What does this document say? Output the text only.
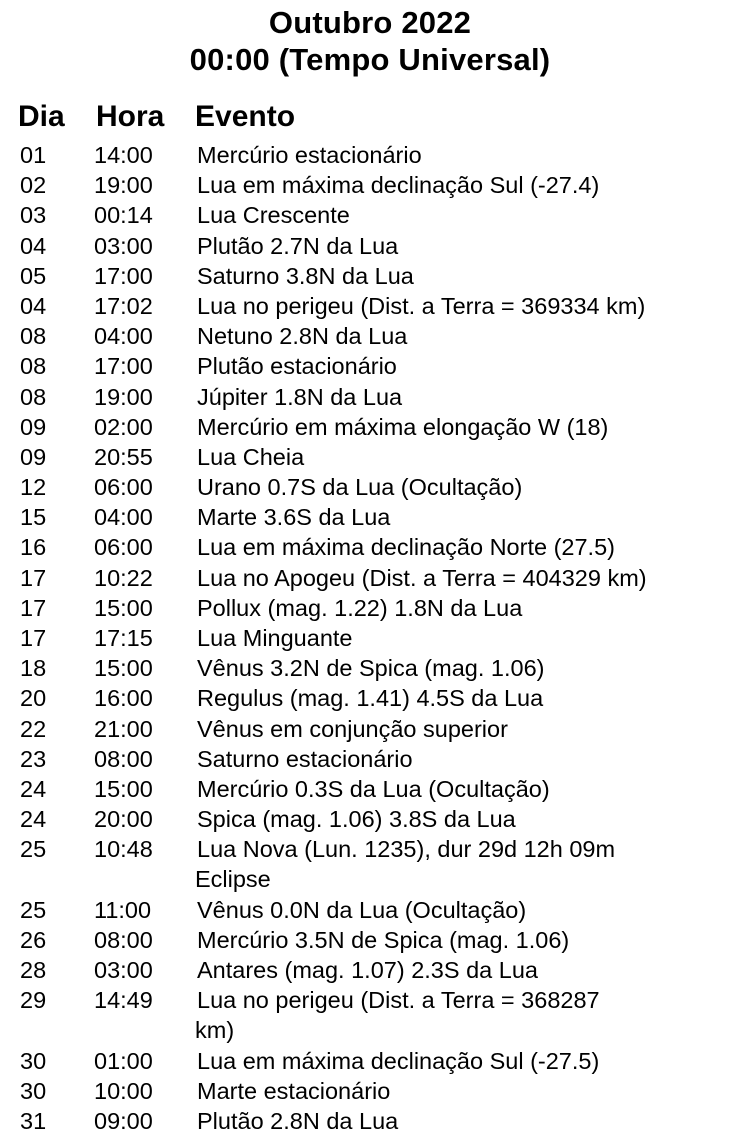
Outubro 2022
00:00 (Tempo Universal)
Dia Hora Evento
01 14:00 Mercúrio estacionário
02 19:00 Lua em máxima declinação Sul (-27.4)
03 00:14 Lua Crescente
04 03:00 Plutão 2.7N da Lua
05 17:00 Saturno 3.8N da Lua
04 17:02 Lua no perigeu (Dist. a Terra = 369334 km)
08 04:00 Netuno 2.8N da Lua
08 17:00 Plutão estacionário
08 19:00 Júpiter 1.8N da Lua
09 02:00 Mercúrio em máxima elongação W (18)
09 20:55 Lua Cheia
12 06:00 Urano 0.7S da Lua (Ocultação)
15 04:00 Marte 3.6S da Lua
16 06:00 Lua em máxima declinação Norte (27.5)
17 10:22 Lua no Apogeu (Dist. a Terra = 404329 km)
17 15:00 Pollux (mag. 1.22) 1.8N da Lua
17 17:15 Lua Minguante
18 15:00 Vênus 3.2N de Spica (mag. 1.06)
20 16:00 Regulus (mag. 1.41) 4.5S da Lua
22 21:00 Vênus em conjunção superior
23 08:00 Saturno estacionário
24 15:00 Mercúrio 0.3S da Lua (Ocultação)
24 20:00 Spica (mag. 1.06) 3.8S da Lua
25 10:48 Lua Nova (Lun. 1235), dur 29d 12h 09m
Eclipse
25 11:00 Vênus 0.0N da Lua (Ocultação)
26 08:00 Mercúrio 3.5N de Spica (mag. 1.06)
28 03:00 Antares (mag. 1.07) 2.3S da Lua
29 14:49 Lua no perigeu (Dist. a Terra = 368287
km)
30 01:00 Lua em máxima declinação Sul (-27.5)
30 10:00 Marte estacionário
31 09:00 Plutão 2.8N da Lua
